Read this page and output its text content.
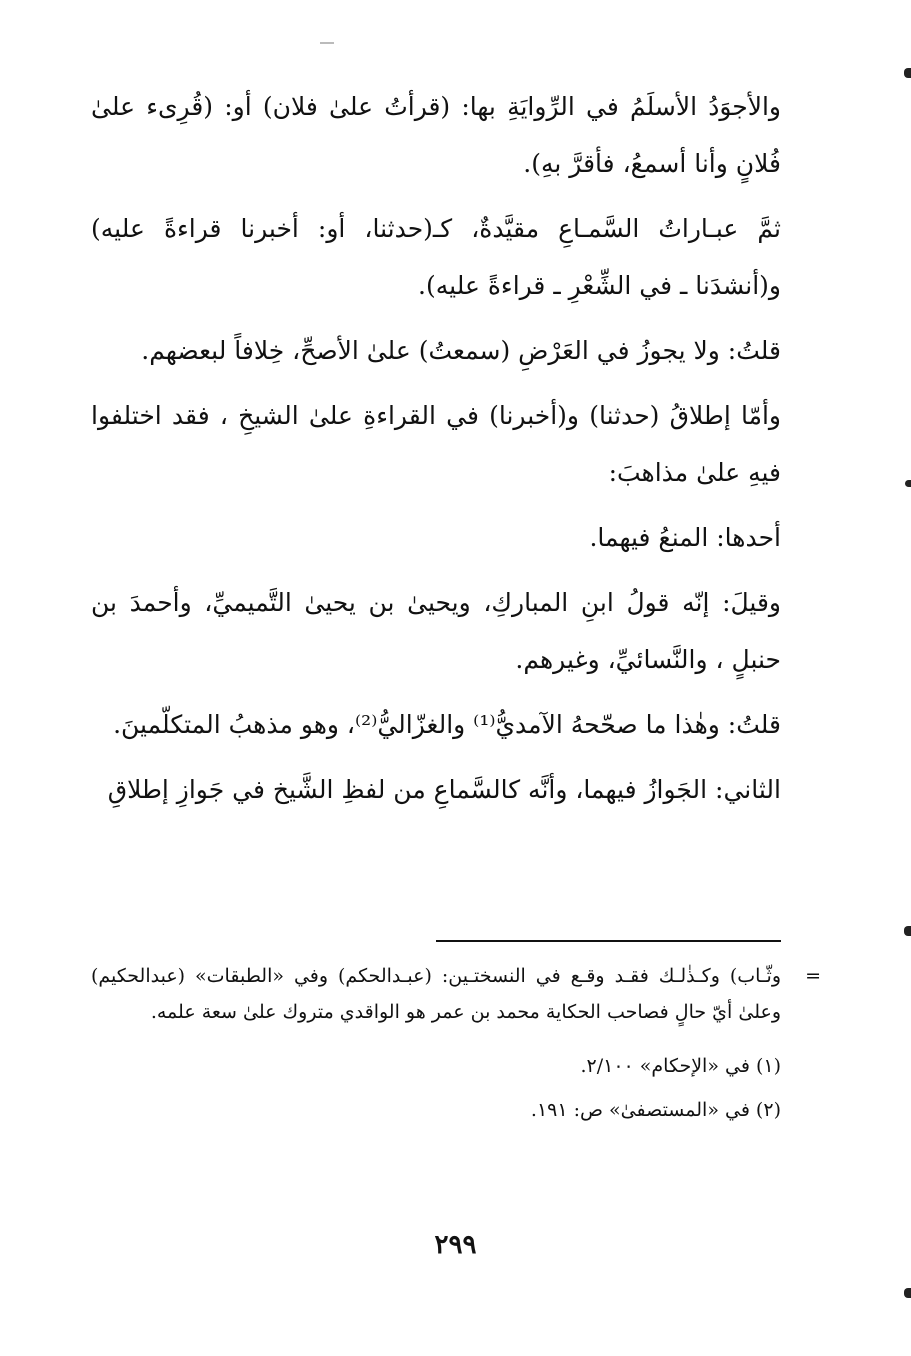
والأجوَدُ الأسلَمُ في الرِّوايَةِ بها: (قرأتُ علىٰ فلان) أو: (قُرِىء علىٰ فُلانٍ وأنا أسمعُ، فأقرَّ بهِ).

ثمَّ عبـاراتُ السَّمـاعِ مقيَّدةٌ، كـ(حدثنا، أو: أخبرنا قراءةً عليه) و(أنشدَنا ـ في الشِّعْرِ ـ قراءةً عليه).

قلتُ: ولا يجوزُ في العَرْضِ (سمعتُ) علىٰ الأصحِّ، خِلافاً لبعضهم.

وأمّا إطلاقُ (حدثنا) و(أخبرنا) في القراءةِ علىٰ الشيخِ ، فقد اختلفوا فيهِ علىٰ مذاهبَ:

أحدها: المنعُ فيهما.

وقيلَ: إنّه قولُ ابنِ المباركِ، ويحيىٰ بن يحيىٰ التَّميميِّ، وأحمدَ بن حنبلٍ ، والنَّسائيِّ، وغيرهم.

قلتُ: وهٰذا ما صحّحهُ الآمديُّ⁽¹⁾ والغزّاليُّ⁽²⁾، وهو مذهبُ المتكلّمينَ.

الثاني: الجَوازُ فيهما، وأنَّه كالسَّماعِ من لفظِ الشَّيخ في جَوازِ إطلاقِ

=
وثّـاب) وكـذٰلـك فقـد وقـع في النسختـين: (عبـدالحكم) وفي «الطبقات» (عبدالحكيم) وعلىٰ أيّ حالٍ فصاحب الحكاية محمد بن عمر هو الواقدي متروك علىٰ سعة علمه.

(١) في «الإحكام» ٢/١٠٠.

(٢) في «المستصفىٰ» ص: ١٩١.

٢٩٩
